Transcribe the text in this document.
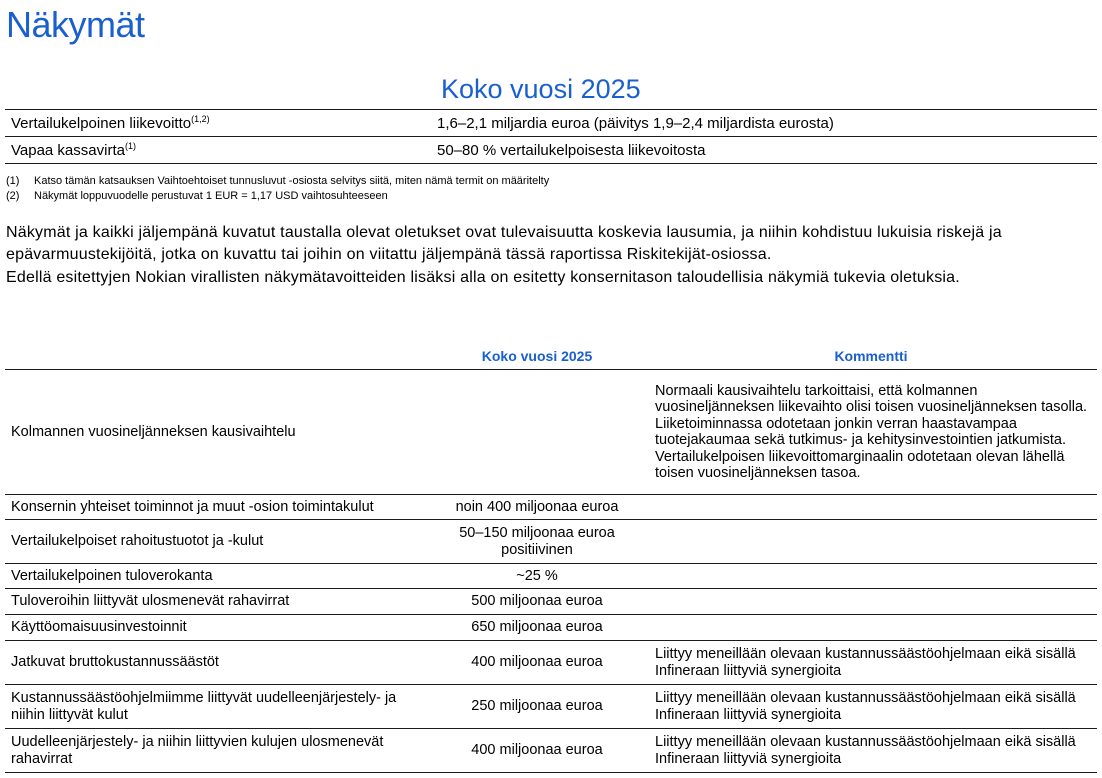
Näkymät
Koko vuosi 2025
Vertailukelpoinen liikevoitto$^{(1,2)}$	1,6–2,1 miljardia euroa (päivitys 1,9–2,4 miljardista eurosta)
Vapaa kassavirta$^{(1)}$	50–80 % vertailukelpoisesta liikevoitosta
(1) Katso tämän katsauksen Vaihtoehtoiset tunnusluvut -osiosta selvitys siitä, miten nämä termit on määritelty
(2) Näkymät loppuvuodelle perustuvat 1 EUR = 1,17 USD vaihtosuhteeseen
Näkymät ja kaikki jäljempänä kuvatut taustalla olevat oletukset ovat tulevaisuutta koskevia lausumia, ja niihin kohdistuu lukuisia riskejä ja epävarmuustekijöitä, jotka on kuvattu tai joihin on viitattu jäljempänä tässä raportissa Riskitekijät-osiossa.
Edellä esitettyjen Nokian virallisten näkymätavoitteiden lisäksi alla on esitetty konsernitason taloudellisia näkymiä tukevia oletuksia.
	Koko vuosi 2025	Kommentti
Kolmannen vuosineljänneksen kausivaihtelu		Normaali kausivaihtelu tarkoittaisi, että kolmannen vuosineljänneksen liikevaihto olisi toisen vuosineljänneksen tasolla. Liiketoiminnassa odotetaan jonkin verran haastavampaa tuotejakaumaa sekä tutkimus- ja kehitysinvestointien jatkumista. Vertailukelpoisen liikevoittomarginaalin odotetaan olevan lähellä toisen vuosineljänneksen tasoa.
Konsernin yhteiset toiminnot ja muut -osion toimintakulut	noin 400 miljoonaa euroa	
Vertailukelpoiset rahoitustuotot ja -kulut	50–150 miljoonaa euroa positiivinen	
Vertailukelpoinen tuloverokanta	~25 %	
Tuloveroihin liittyvät ulosmenevät rahavirrat	500 miljoonaa euroa	
Käyttöomaisuusinvestoinnit	650 miljoonaa euroa	
Jatkuvat bruttokustannussäästöt	400 miljoonaa euroa	Liittyy meneillään olevaan kustannussäästöohjelmaan eikä sisällä Infineraan liittyviä synergioita
Kustannussäästöohjelmiimme liittyvät uudelleenjärjestely- ja niihin liittyvät kulut	250 miljoonaa euroa	Liittyy meneillään olevaan kustannussäästöohjelmaan eikä sisällä Infineraan liittyviä synergioita
Uudelleenjärjestely- ja niihin liittyvien kulujen ulosmenevät rahavirrat	400 miljoonaa euroa	Liittyy meneillään olevaan kustannussäästöohjelmaan eikä sisällä Infineraan liittyviä synergioita
